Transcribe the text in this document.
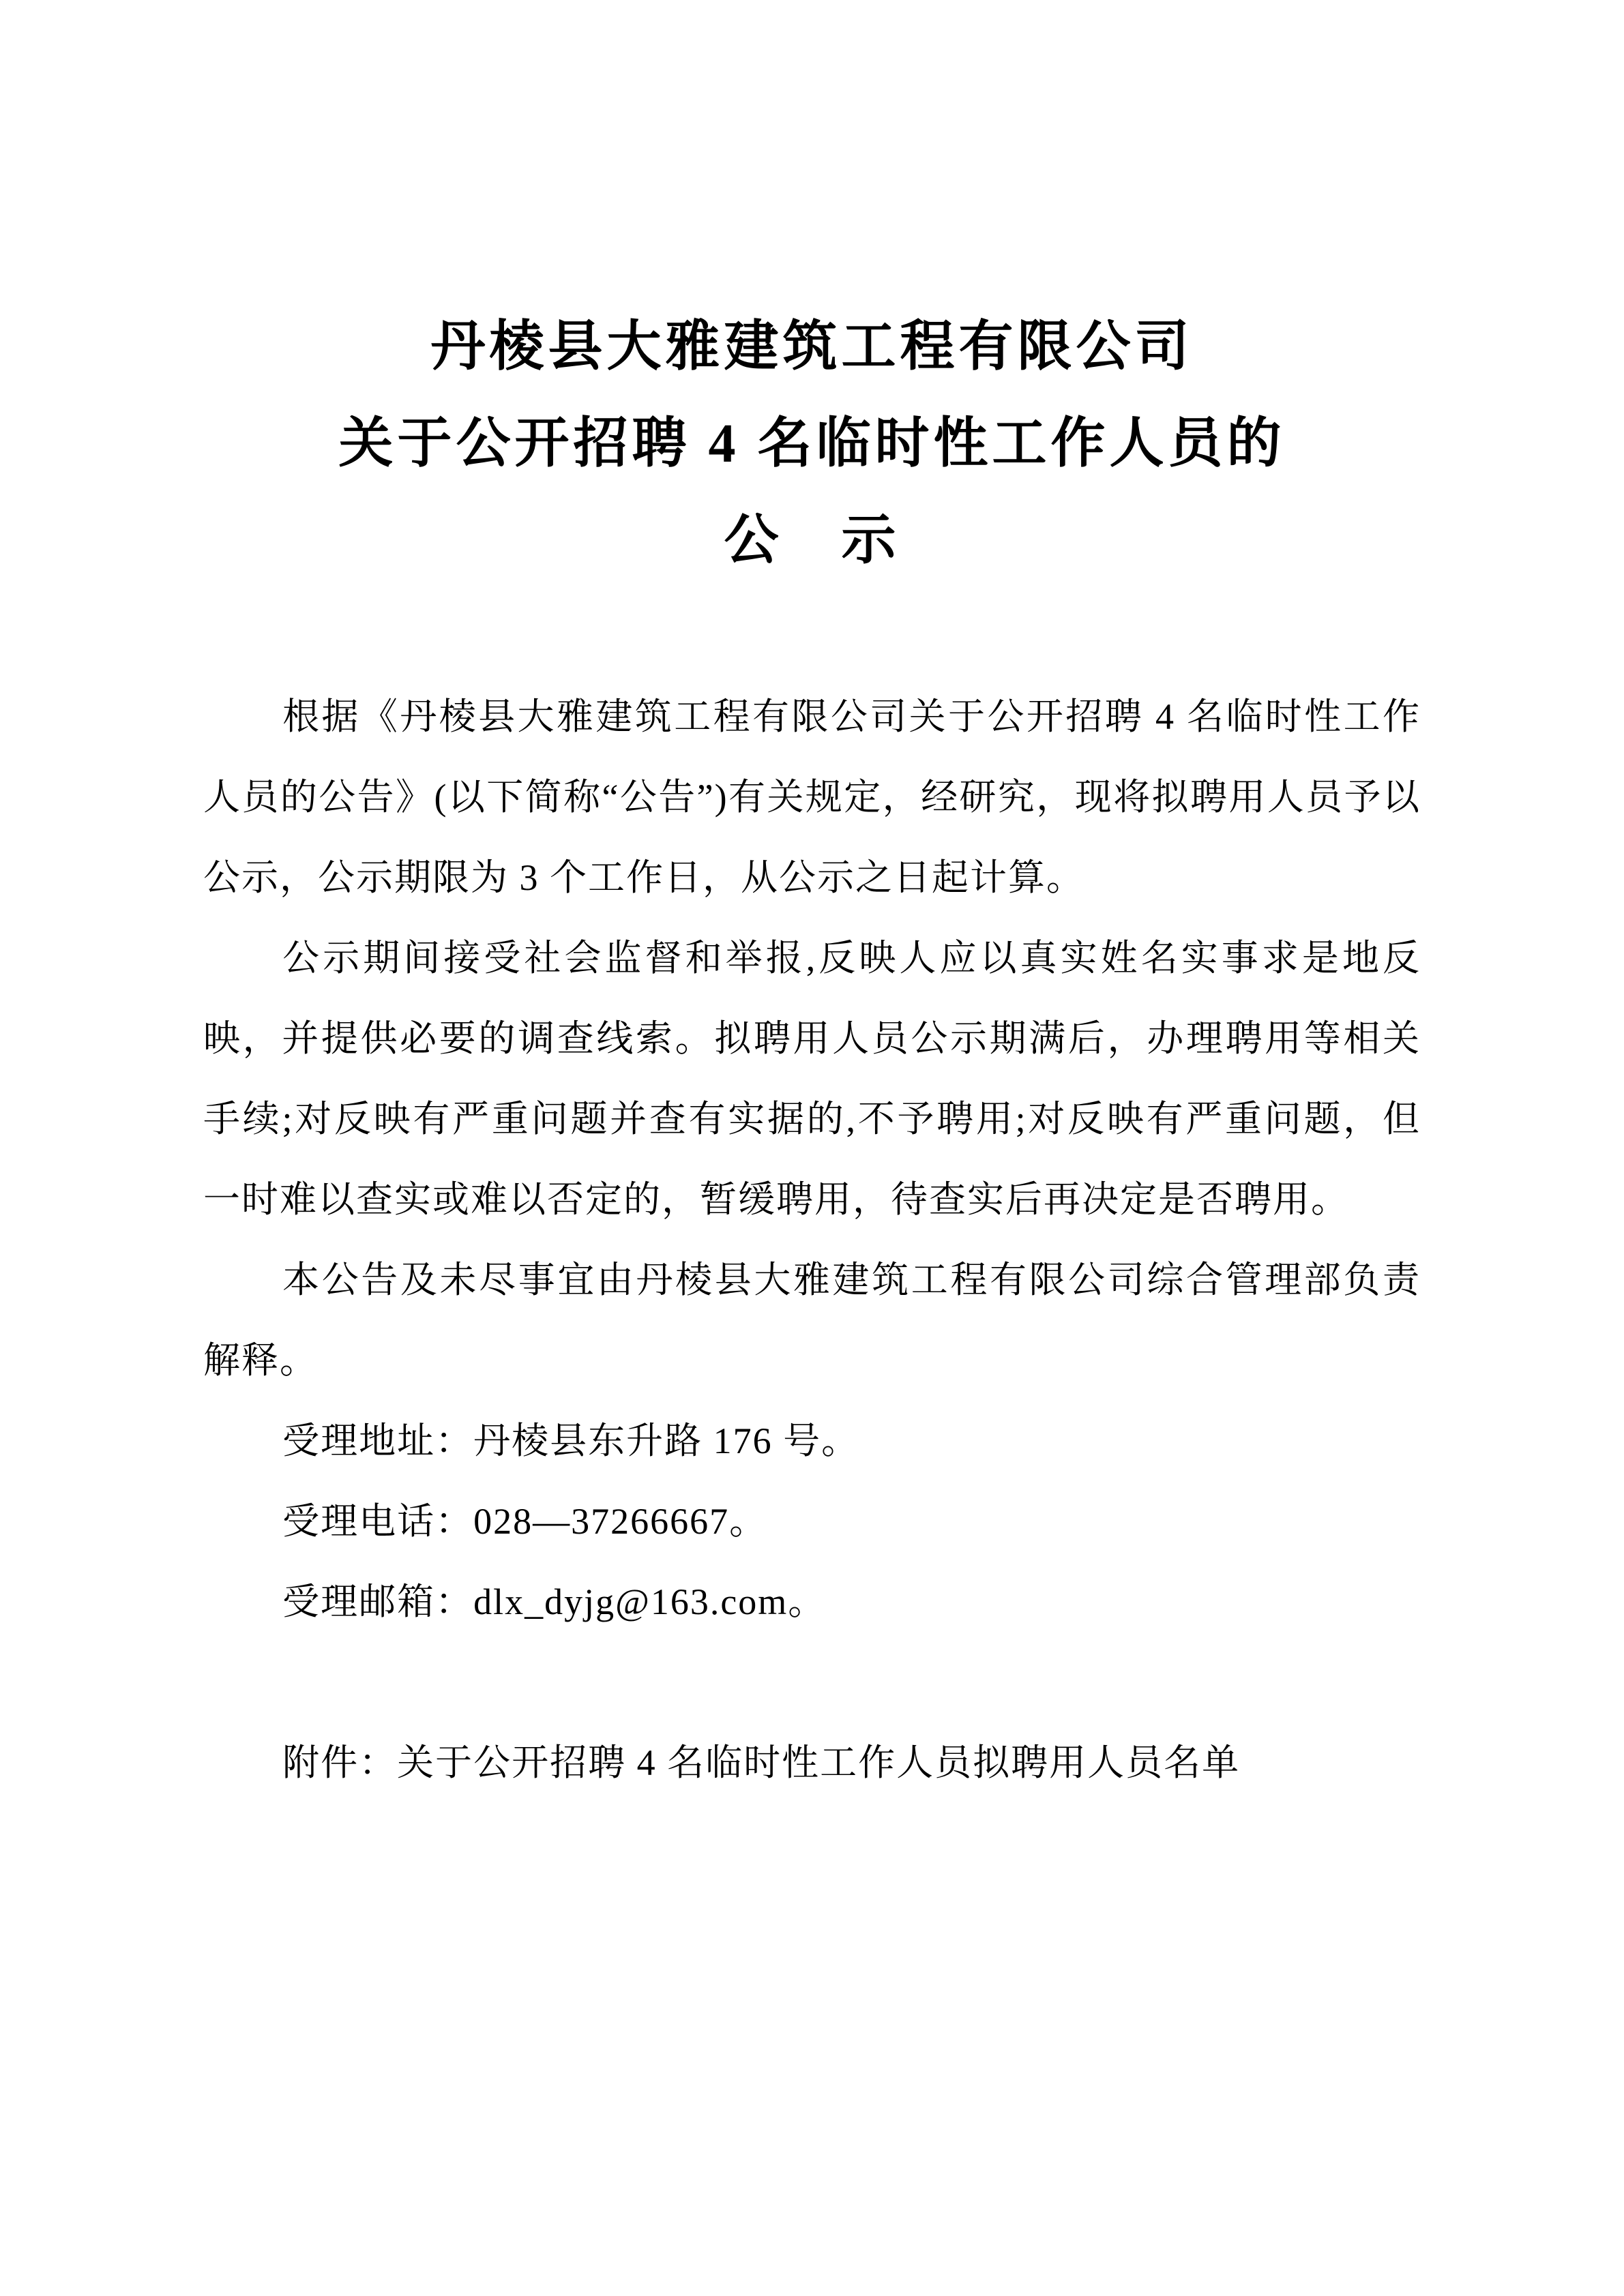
丹棱县大雅建筑工程有限公司

关于公开招聘 4 名临时性工作人员的

公　示

根据《丹棱县大雅建筑工程有限公司关于公开招聘 4 名临时性工作人员的公告》(以下简称“公告”)有关规定，经研究，现将拟聘用人员予以公示，公示期限为 3 个工作日，从公示之日起计算。

公示期间接受社会监督和举报,反映人应以真实姓名实事求是地反映，并提供必要的调查线索。拟聘用人员公示期满后，办理聘用等相关手续;对反映有严重问题并查有实据的,不予聘用;对反映有严重问题，但一时难以查实或难以否定的，暂缓聘用，待查实后再决定是否聘用。

本公告及未尽事宜由丹棱县大雅建筑工程有限公司综合管理部负责解释。

受理地址：丹棱县东升路 176 号。

受理电话：028—37266667。

受理邮箱：dlx_dyjg@163.com。

附件：关于公开招聘 4 名临时性工作人员拟聘用人员名单
